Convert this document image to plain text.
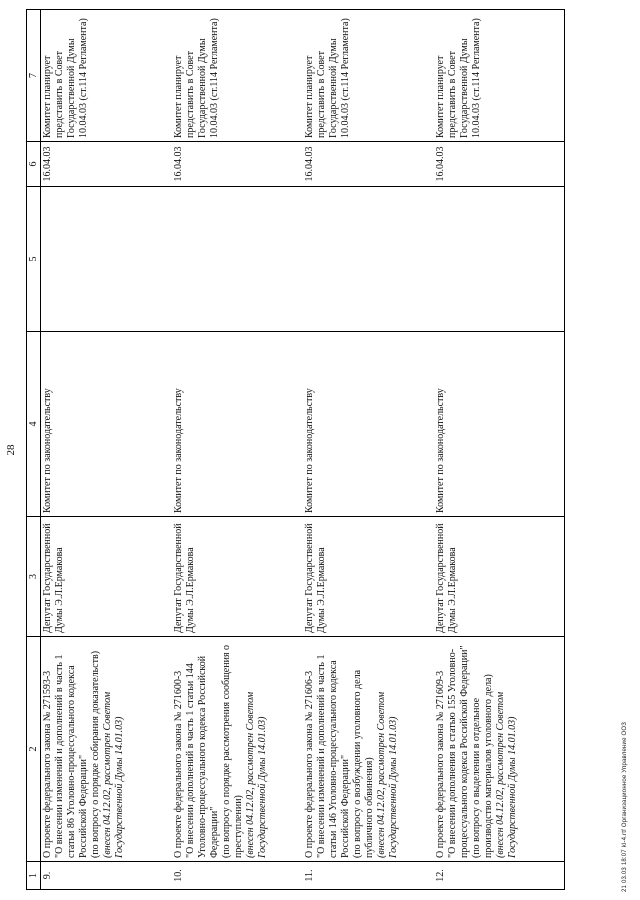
28
1	2	3	4	5	6	7
9.	О проекте федерального закона № 271593-3 "О внесении изменений и дополнений в часть 1 статьи 86 Уголовно-процессуального кодекса Российской Федерации" (по вопросу о порядке собирания доказательств) (внесен 04.12.02, рассмотрен Советом Государственной Думы 14.01.03)	Депутат Государственной Думы Э.Л.Ермакова	Комитет по законодательству		16.04.03	Комитет планирует представить в Совет Государственной Думы 10.04.03 (ст.114 Регламента)
10.	О проекте федерального закона № 271600-3 "О внесении дополнений в часть 1 статьи 144 Уголовно-процессуального кодекса Российской Федерации" (по вопросу о порядке рассмотрения сообщения о преступлении) (внесен 04.12.02, рассмотрен Советом Государственной Думы 14.01.03)	Депутат Государственной Думы Э.Л.Ермакова	Комитет по законодательству		16.04.03	Комитет планирует представить в Совет Государственной Думы 10.04.03 (ст.114 Регламента)
11.	О проекте федерального закона № 271606-3 "О внесении изменений и дополнений в часть 1 статьи 146 Уголовно-процессуального кодекса Российской Федерации" (по вопросу о возбуждении уголовного дела публичного обвинения) (внесен 04.12.02, рассмотрен Советом Государственной Думы 14.01.03)	Депутат Государственной Думы Э.Л.Ермакова	Комитет по законодательству		16.04.03	Комитет планирует представить в Совет Государственной Думы 10.04.03 (ст.114 Регламента)
12.	О проекте федерального закона № 271609-3 "О внесении дополнения в статью 155 Уголовно-процессуального кодекса Российской Федерации" (по вопросу о выделении в отдельное производство материалов уголовного дела) (внесен 04.12.02, рассмотрен Советом Государственной Думы 14.01.03)	Депутат Государственной Думы Э.Л.Ермакова	Комитет по законодательству		16.04.03	Комитет планирует представить в Совет Государственной Думы 10.04.03 (ст.114 Регламента)
21 03.03 18:07 kl-4.rtf Организационное Управление ООЗ
